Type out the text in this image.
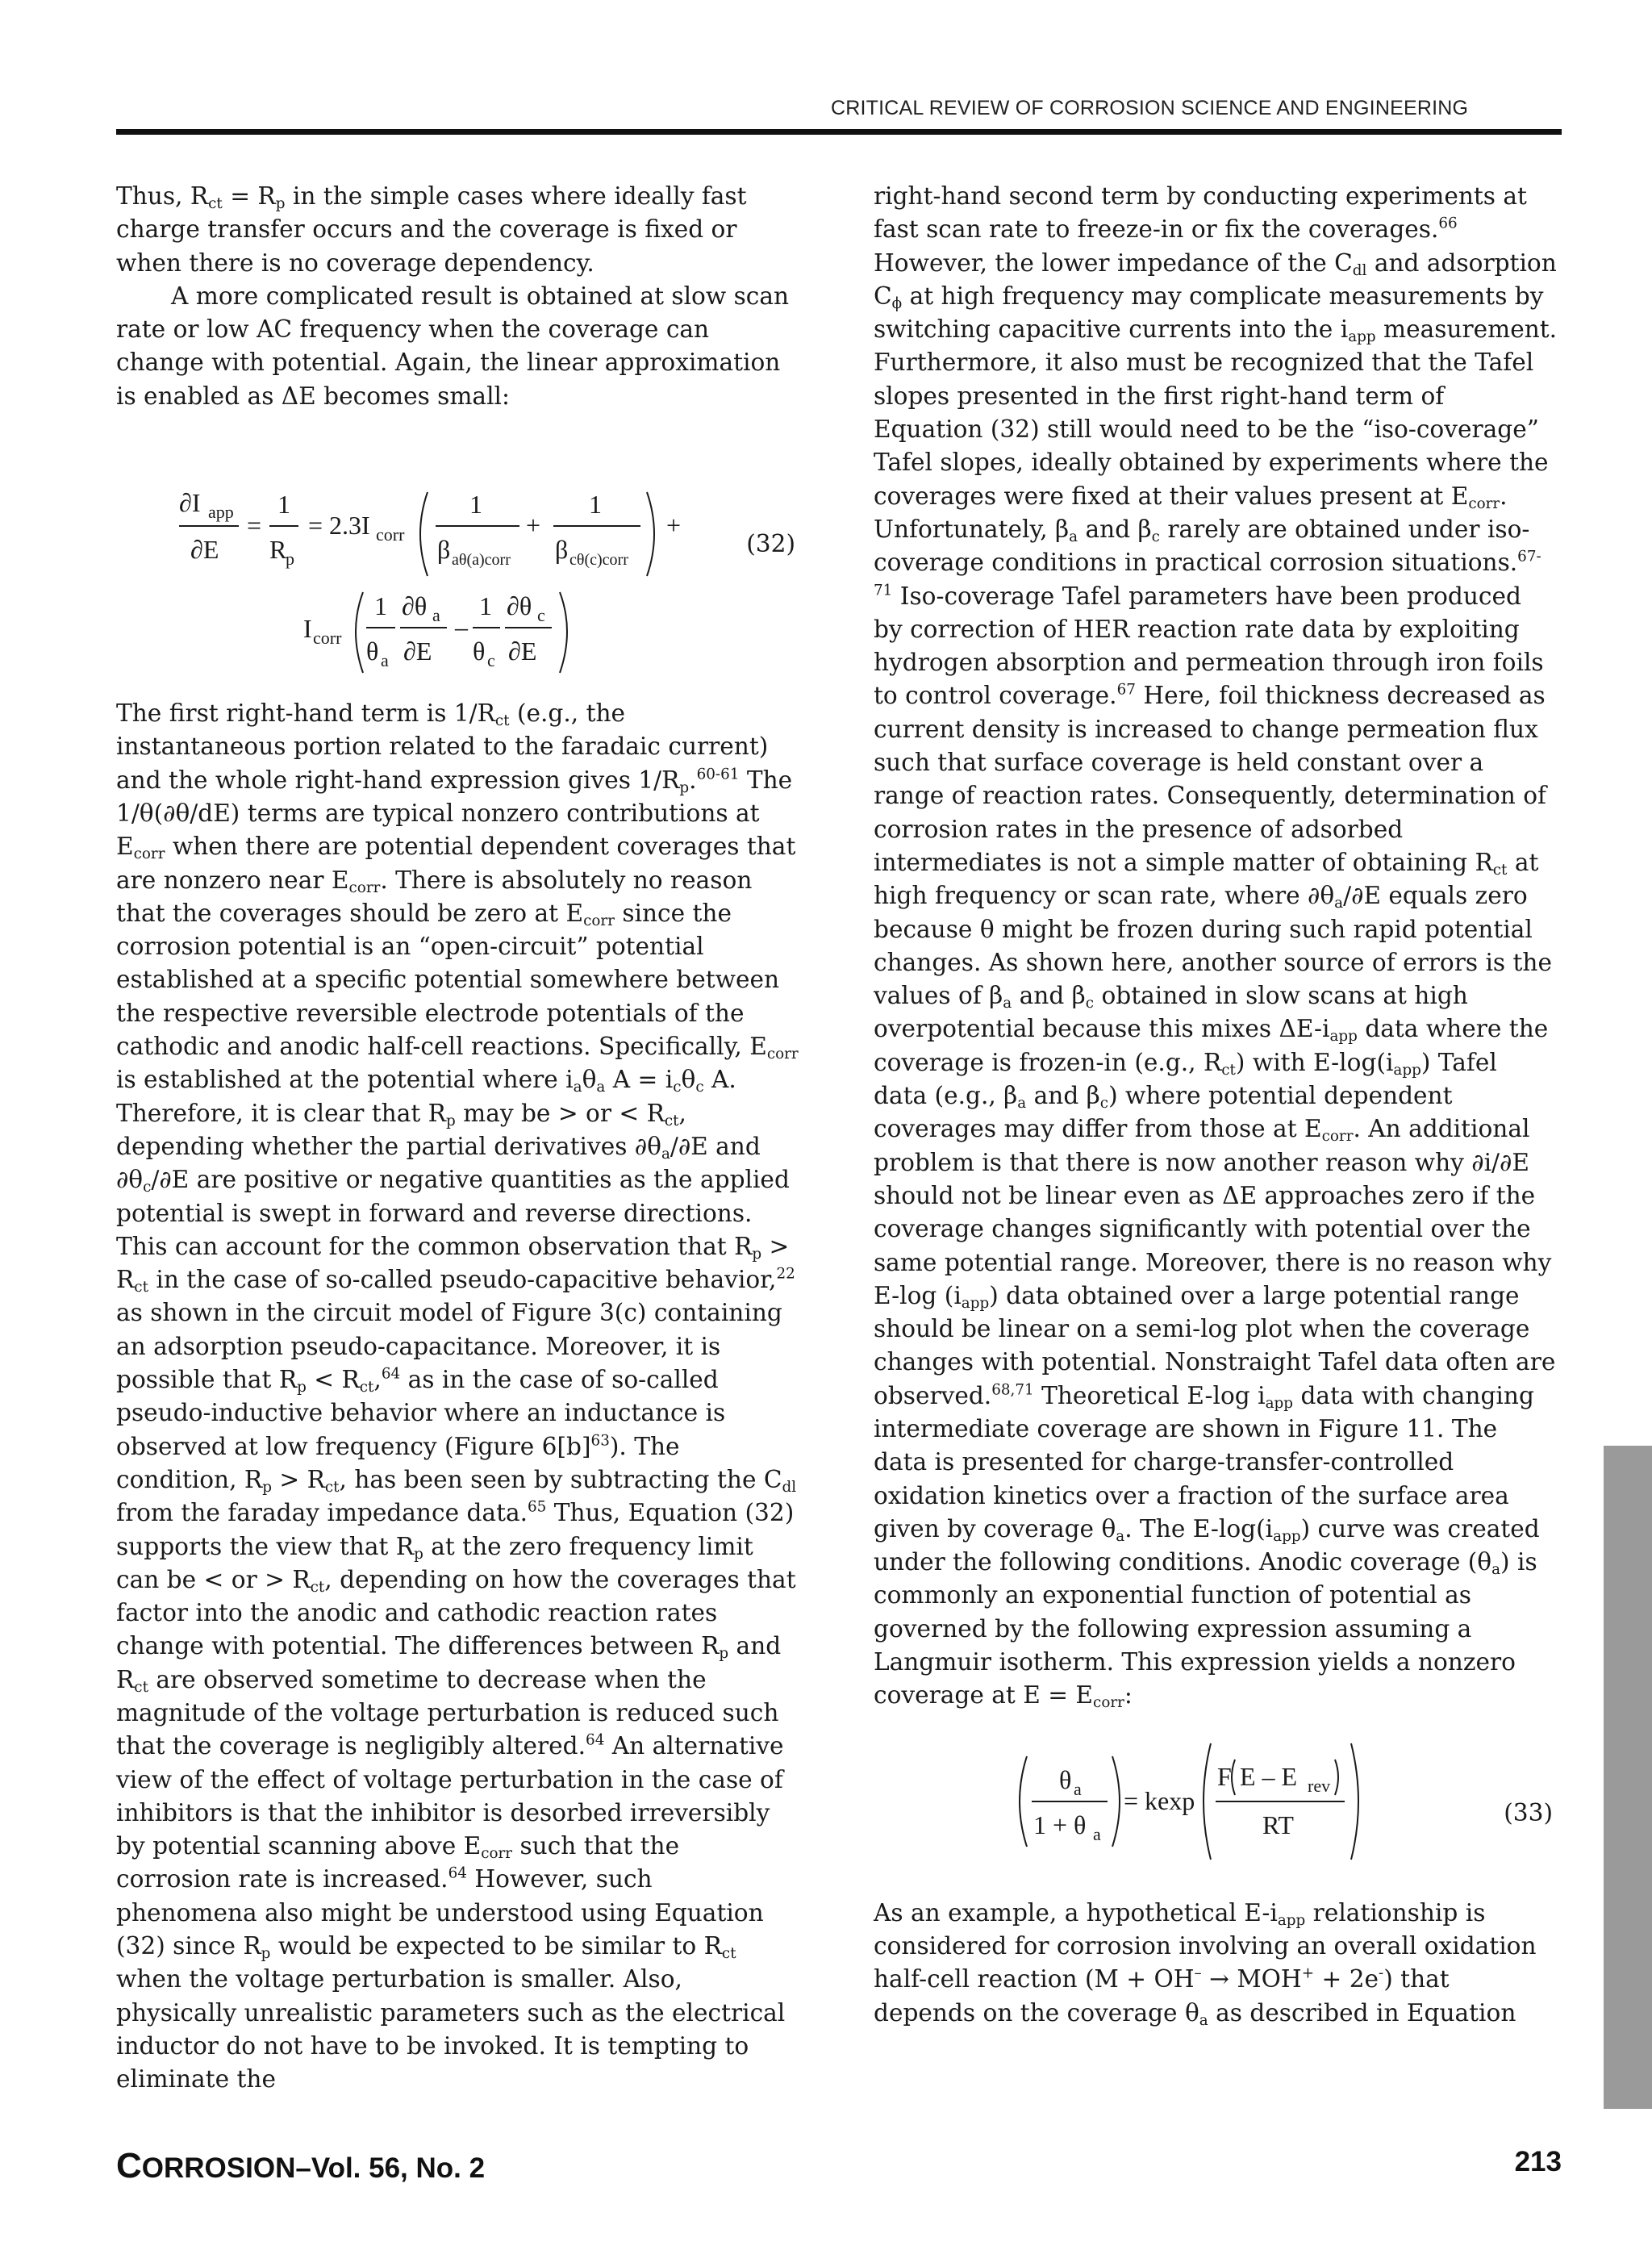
CRITICAL REVIEW OF CORROSION SCIENCE AND ENGINEERING

Thus, $R_{ct} = R_p$ in the simple cases where ideally fast charge transfer occurs and the coverage is fixed or when there is no coverage dependency.

A more complicated result is obtained at slow scan rate or low AC frequency when the coverage can change with potential. Again, the linear approximation is enabled as ΔE becomes small:

∂I app
∂E
=
1
R
p
= 2.3I corr
1
β aθ(a)corr
+
1
β cθ(c)corr
+
I corr
1
θ a
∂θ a
∂E
–
1
θ c
∂θ c
∂E
(32)

The first right-hand term is $1/R_{ct}$ (e.g., the instantaneous portion related to the faradaic current) and the whole right-hand expression gives $1/R_p.^{60-61}$ The 1/θ(∂θ/dE) terms are typical nonzero contributions at $E_{corr}$ when there are potential dependent coverages that are nonzero near $E_{corr}$. There is absolutely no reason that the coverages should be zero at $E_{corr}$ since the corrosion potential is an “open-circuit” potential established at a specific potential somewhere between the respective reversible electrode potentials of the cathodic and anodic half-cell reactions. Specifically, $E_{corr}$ is established at the potential where $i_a\theta_a$ $A = i_c\theta_c$ A. Therefore, it is clear that $R_p$ may be > or < $R_{ct}$, depending whether the partial derivatives $\partial\theta_a/\partial E$ and $\partial\theta_c/\partial E$ are positive or negative quantities as the applied potential is swept in forward and reverse directions. This can account for the common observation that $R_p > R_{ct}$ in the case of so-called pseudo-capacitive behavior,$^{22}$ as shown in the circuit model of Figure 3(c) containing an adsorption pseudo-capacitance. Moreover, it is possible that $R_p < R_{ct},^{64}$ as in the case of so-called pseudo-inductive behavior where an inductance is observed at low frequency (Figure $6[b]^{63}$). The condition, $R_p > R_{ct}$, has been seen by subtracting the $C_{dl}$ from the faraday impedance data.$^{65}$ Thus, Equation (32) supports the view that $R_p$ at the zero frequency limit can be < or > $R_{ct}$, depending on how the coverages that factor into the anodic and cathodic reaction rates change with potential. The differences between $R_p$ and $R_{ct}$ are observed sometime to decrease when the magnitude of the voltage perturbation is reduced such that the coverage is negligibly altered.$^{64}$ An alternative view of the effect of voltage perturbation in the case of inhibitors is that the inhibitor is desorbed irreversibly by potential scanning above $E_{corr}$ such that the corrosion rate is increased.$^{64}$ However, such phenomena also might be understood using Equation (32) since $R_p$ would be expected to be similar to $R_{ct}$ when the voltage perturbation is smaller. Also, physically unrealistic parameters such as the electrical inductor do not have to be invoked. It is tempting to eliminate the

right-hand second term by conducting experiments at fast scan rate to freeze-in or fix the coverages.$^{66}$ However, the lower impedance of the $C_{dl}$ and adsorption $C_\phi$ at high frequency may complicate measurements by switching capacitive currents into the $i_{app}$ measurement. Furthermore, it also must be recognized that the Tafel slopes presented in the first right-hand term of Equation (32) still would need to be the “iso-coverage” Tafel slopes, ideally obtained by experiments where the coverages were fixed at their values present at $E_{corr}$. Unfortunately, $\beta_a$ and $\beta_c$ rarely are obtained under iso-coverage conditions in practical corrosion situations.$^{67-71}$ Iso-coverage Tafel parameters have been produced by correction of HER reaction rate data by exploiting hydrogen absorption and permeation through iron foils to control coverage.$^{67}$ Here, foil thickness decreased as current density is increased to change permeation flux such that surface coverage is held constant over a range of reaction rates. Consequently, determination of corrosion rates in the presence of adsorbed intermediates is not a simple matter of obtaining $R_{ct}$ at high frequency or scan rate, where $\partial\theta_a/\partial E$ equals zero because θ might be frozen during such rapid potential changes. As shown here, another source of errors is the values of $\beta_a$ and $\beta_c$ obtained in slow scans at high overpotential because this mixes $\Delta E-i_{app}$ data where the coverage is frozen-in (e.g., $R_{ct}$) with $E-\log(i_{app})$ Tafel data (e.g., $\beta_a$ and $\beta_c$) where potential dependent coverages may differ from those at $E_{corr}$. An additional problem is that there is now another reason why ∂i/∂E should not be linear even as ΔE approaches zero if the coverage changes significantly with potential over the same potential range. Moreover, there is no reason why E-log $(i_{app})$ data obtained over a large potential range should be linear on a semi-log plot when the coverage changes with potential. Nonstraight Tafel data often are observed.$^{68,71}$ Theoretical E-log $i_{app}$ data with changing intermediate coverage are shown in Figure 11. The data is presented for charge-transfer-controlled oxidation kinetics over a fraction of the surface area given by coverage $\theta_a$. The $E-\log(i_{app})$ curve was created under the following conditions. Anodic coverage $(\theta_a)$ is commonly an exponential function of potential as governed by the following expression assuming a Langmuir isotherm. This expression yields a nonzero coverage at $E = E_{corr}$:

θ a
1 + θ a
= kexp
F E – E rev
RT	(33)

As an example, a hypothetical $E-i_{app}$ relationship is considered for corrosion involving an overall oxidation half-cell reaction (M + OH– → MOH+ + 2e-) that depends on the coverage $\theta_a$ as described in Equation

CORROSION–Vol. 56, No. 2	213
